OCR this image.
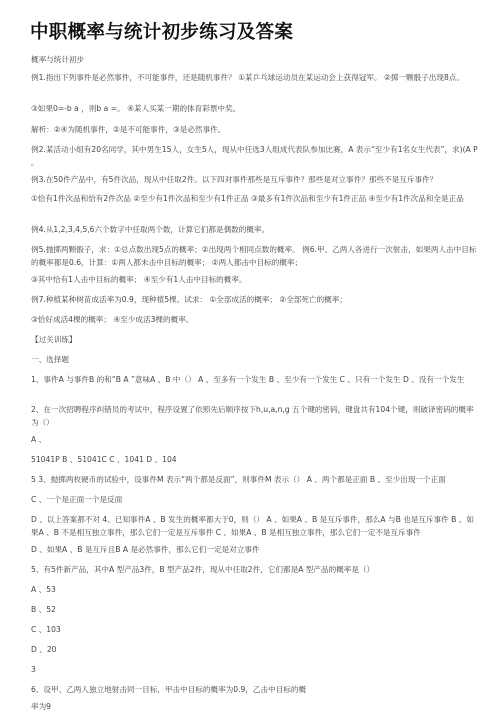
中职概率与统计初步练习及答案
概率与统计初步
例1.指出下列事件是必然事件，不可能事件，还是随机事件？ ①某乒乓球运动员在某运动会上获得冠军。 ②掷一颗骰子出现8点。
③如果0=-b a ，则b a =。 ④某人买某一期的体育彩票中奖。
解析：②④为随机事件，②是不可能事件，③是必然事件。
例2.某活动小组有20名同学，其中男生15人，女生5人，现从中任选3人组成代表队参加比赛，A 表示“至少有1名女生代表”，求)(A P 。
例3.在50件产品中，有5件次品，现从中任取2件。以下四对事件那些是互斥事件？那些是对立事件？那些不是互斥事件？
①恰有1件次品和恰有2件次品 ②至少有1件次品和至少有1件正品 ③最多有1件次品和至少有1件正品 ④至少有1件次品和全是正品
例4.从1,2,3,4,5,6六个数字中任取两个数，计算它们都是偶数的概率。
例5.抛掷两颗骰子，求：①总点数出现5点的概率；②出现两个相同点数的概率。 例6.甲、乙两人各进行一次射击，如果两人击中目标的概率都是0.6，计算：①两人都未击中目标的概率； ②两人都击中目标的概率；
③其中恰有1人击中目标的概率； ④至少有1人击中目标的概率。
例7.种植某种树苗成活率为0.9，现种植5棵。试求： ①全部成活的概率； ②全部死亡的概率；
③恰好成活4棵的概率； ④至少成活3棵的概率。
【过关训练】
一、选择题
1、事件A 与事件B 的和“B A ”意味A 、B 中（） A 、至多有一个发生 B 、至少有一个发生 C 、只有一个发生 D 、没有一个发生
2、在一次招聘程序纠错员的考试中，程序设置了依照先后顺序按下h,u,a,n,g 五个键的密码，键盘共有104个键，则破译密码的概率为（）
A 、
51041P B 、51041C C 、1041 D 、104
5 3、抛掷两枚硬币的试验中，设事件M 表示“两个都是反面”，则事件M 表示（） A 、两个都是正面 B 、至少出现一个正面
C 、一个是正面一个是反面
D 、以上答案都不对 4、已知事件A 、B 发生的概率都大于0，则（） A 、如果A 、B 是互斥事件，那么A 与B 也是互斥事件 B 、如果A 、B 不是相互独立事件，那么它们一定是互斥事件 C 、如果A 、B 是相互独立事件，那么它们一定不是互斥事件
D 、如果A 、B 是互斥且B A 是必然事件，那么它们一定是对立事件
5、有5件新产品，其中A 型产品3件，B 型产品2件，现从中任取2件，它们都是A 型产品的概率是（）
A 、53
B 、52
C 、103
D 、20
3
6、设甲、乙两人独立地射击同一目标，甲击中目标的概率为0.9，乙击中目标的概
率为9
